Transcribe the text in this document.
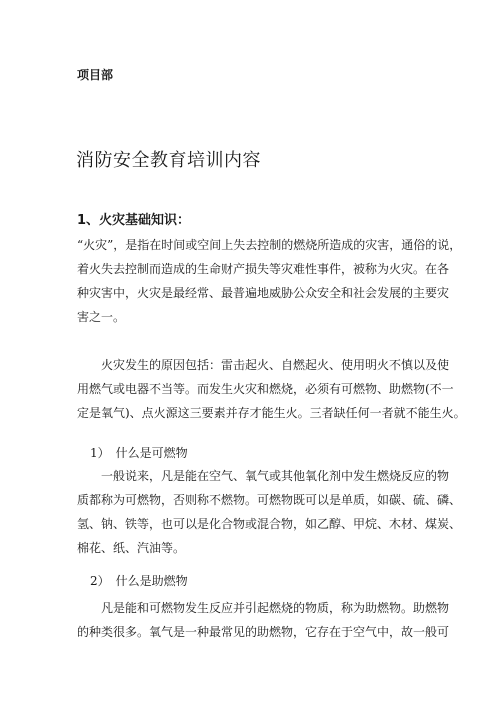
项目部
消防安全教育培训内容
1、火灾基础知识：
“火灾”，是指在时间或空间上失去控制的燃烧所造成的灾害，通俗的说，
着火失去控制而造成的生命财产损失等灾难性事件，被称为火灾。在各
种灾害中，火灾是最经常、最普遍地威胁公众安全和社会发展的主要灾
害之一。
　　火灾发生的原因包括：雷击起火、自燃起火、使用明火不慎以及使
用燃气或电器不当等。而发生火灾和燃烧，必须有可燃物、助燃物(不一
定是氧气)、点火源这三要素并存才能生火。三者缺任何一者就不能生火。
1）　什么是可燃物
　　一般说来，凡是能在空气、氧气或其他氧化剂中发生燃烧反应的物
质都称为可燃物，否则称不燃物。可燃物既可以是单质，如碳、硫、磷、
氢、钠、铁等，也可以是化合物或混合物，如乙醇、甲烷、木材、煤炭、
棉花、纸、汽油等。
2）　什么是助燃物
　　凡是能和可燃物发生反应并引起燃烧的物质，称为助燃物。助燃物
的种类很多。氧气是一种最常见的助燃物，它存在于空气中，故一般可
